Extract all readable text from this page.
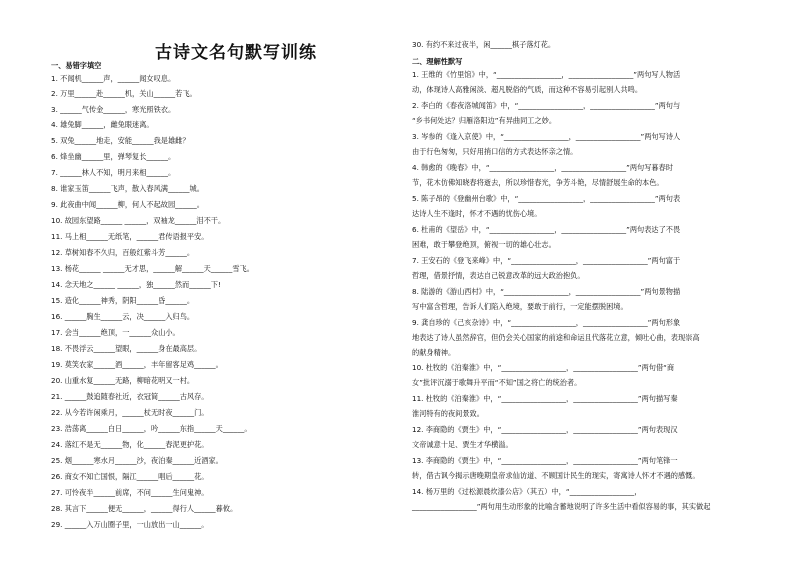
古诗文名句默写训练
一、易错字填空
1. 不闻机______声，______闻女叹息。
2. 万里______赴______机，关山______若飞。
3. ______气传金______，寒光照铁衣。
4. 雄兔脚______，雌兔眼迷离。
5. 双兔______地走，安能______我是雄雌？
6. 烽坐幽______里，弹琴复长______。
7. ______林人不知，明月来相______。
8. 谁家玉笛______飞声，散入春风满______城。
9. 此夜曲中闻______柳，何人不起故园______。
10. 故园东望路______ ______，双袖龙______泪不干。
11. 马上相______无纸笔，______君传语报平安。
12. 草树知春不久归，百般红紫斗芳______。
13. 杨花______ ______无才思，______解______天______雪飞。
14. 念天地之______ ______，独______然而______下!
15. 造化______神秀，阴阳______昏______。
16. ______胸生______云，决______入归鸟。
17. 会当______绝顶，一______众山小。
18. 不畏浮云______望眼，______身在最高层。
19. 莫笑农家______酒______，丰年留客足鸡______。
20. 山重水复______无路，柳暗花明又一村。
21. ______鼓追随春社近，衣冠简______古风存。
22. 从今若许闲乘月，______杖无时夜______门。
23. 浩荡离______白日______，吟______东指______天______。
24. 落红不是无______物，化______春泥更护花。
25. 烟______寒水月______沙，夜泊秦______近酒家。
26. 商女不知亡国恨，隔江______唱后______花。
27. 可怜夜半______前席，不问______生问鬼神。
28. 其言下______便无______，______得行人______暮攸。
29. ______入万山圈子里，一山放出一山______。
30. 有约不来过夜半，闲______棋子落灯花。
二、理解性默写
1. 王维的《竹里馆》中，“__________________，__________________”两句写人物活
动，体现诗人高雅闲淡、超凡脱俗的气质，而这种不容易引起别人共鸣。
2. 李白的《春夜洛城闻笛》中，“__________________，__________________”两句与
“乡书何处达？归雁洛阳边”有异曲同工之妙。
3. 岑参的《逢入京使》中，“__________________，__________________”两句写诗人
由于行色匆匆，只好用捎口信的方式表达怀亲之情。
4. 韩愈的《晚春》中，“__________________，__________________”两句写暮春时
节，花木仿佛知晓春将逝去，所以珍惜春光，争芳斗艳，尽情舒展生命的本色。
5. 陈子昂的《登幽州台歌》中，“__________________，__________________”两句表
达诗人生不逢时，怀才不遇的忧伤心境。
6. 杜甫的《望岳》中，“__________________，__________________”两句表达了不畏
困难，敢于攀登绝顶，俯视一切的雄心壮志。
7. 王安石的《登飞来峰》中，“__________________，__________________”两句富于
哲理，借景抒情，表达自己锐意改革的远大政治抱负。
8. 陆游的《游山西村》中，“__________________，__________________”两句景物描
写中富含哲理，告诉人们陷入绝境，要敢于前行，一定能摆脱困境。
9. 龚自珍的《己亥杂诗》中，“__________________，__________________”两句形象
地表达了诗人虽然辞官，但仍会关心国家的前途和命运且代落花立意，倾吐心曲，表现崇高
的献身精神。
10. 杜牧的《泊秦淮》中，“__________________，__________________”两句借“商
女”批评沉溺于歌舞升平而“不知”国之将亡的统治者。
11. 杜牧的《泊秦淮》中，“__________________，__________________”两句描写秦
淮河特有的夜间景致。
12. 李商隐的《贾生》中，“__________________，__________________”两句表现汉
文帝诚意十足、贾生才华横溢。
13. 李商隐的《贾生》中，“__________________，__________________”两句笔锋一
转，借古讽今揭示唐晚期皇帝求仙访道、不顾国计民生的现实，寄寓诗人怀才不遇的感慨。
14. 杨万里的《过松源晨炊漆公店》（其五）中，“__________________，
__________________”两句用生动形象的比喻含蓄地说明了许多生活中看似容易的事，其实做起
